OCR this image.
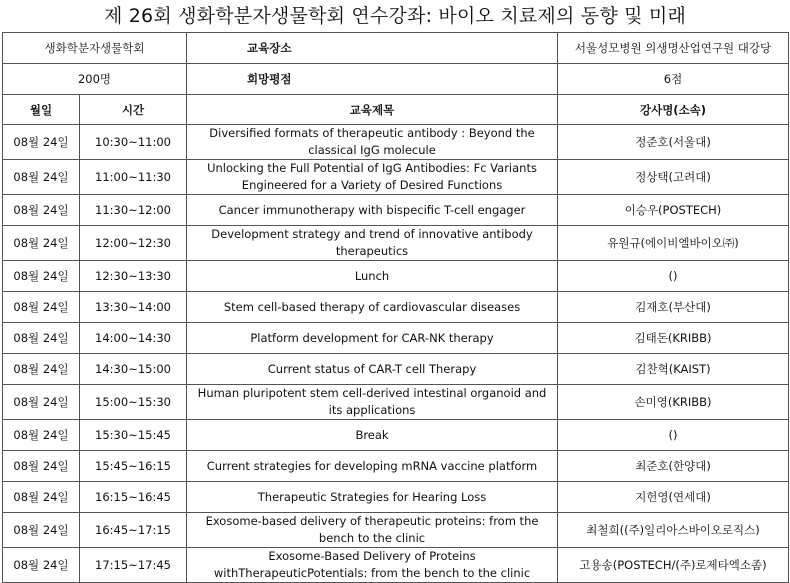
제 26회 생화학분자생물학회 연수강좌: 바이오 치료제의 동향 및 미래
생화학분자생물학회		교육장소	서울성모병원 의생명산업연구원 대강당
200명		희망평점	6점
월일	시간	교육제목	강사명(소속)
08월 24일	10:30~11:00	Diversified formats of therapeutic antibody : Beyond the classical IgG molecule	정준호(서울대)
08월 24일	11:00~11:30	Unlocking the Full Potential of IgG Antibodies: Fc Variants Engineered for a Variety of Desired Functions	정상택(고려대)
08월 24일	11:30~12:00	Cancer immunotherapy with bispecific T-cell engager	이승우(POSTECH)
08월 24일	12:00~12:30	Development strategy and trend of innovative antibody therapeutics	유원규(에이비엘바이오㈜)
08월 24일	12:30~13:30	Lunch	()
08월 24일	13:30~14:00	Stem cell-based therapy of cardiovascular diseases	김재호(부산대)
08월 24일	14:00~14:30	Platform development for CAR-NK therapy	김태돈(KRIBB)
08월 24일	14:30~15:00	Current status of CAR-T cell Therapy	김찬혁(KAIST)
08월 24일	15:00~15:30	Human pluripotent stem cell-derived intestinal organoid and its applications	손미영(KRIBB)
08월 24일	15:30~15:45	Break	()
08월 24일	15:45~16:15	Current strategies for developing mRNA vaccine platform	최준호(한양대)
08월 24일	16:15~16:45	Therapeutic Strategies for Hearing Loss	지헌영(연세대)
08월 24일	16:45~17:15	Exosome-based delivery of therapeutic proteins: from the bench to the clinic	최철희((주)일리아스바이오로직스)
08월 24일	17:15~17:45	Exosome-Based Delivery of Proteins withTherapeuticPotentials: from the bench to the clinic	고용송(POSTECH/(주)로제타엑소좀)
